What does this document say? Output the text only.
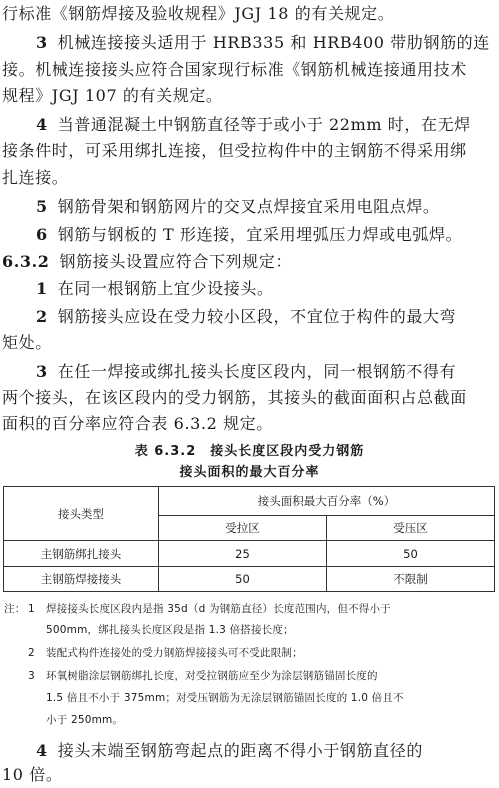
行标准《钢筋焊接及验收规程》JGJ 18 的有关规定。
3 机械连接接头适用于 HRB335 和 HRB400 带肋钢筋的连
接。机械连接接头应符合国家现行标准《钢筋机械连接通用技术
规程》JGJ 107 的有关规定。
4 当普通混凝土中钢筋直径等于或小于 22mm 时，在无焊
接条件时，可采用绑扎连接，但受拉构件中的主钢筋不得采用绑
扎连接。
5 钢筋骨架和钢筋网片的交叉点焊接宜采用电阻点焊。
6 钢筋与钢板的 T 形连接，宜采用埋弧压力焊或电弧焊。
6.3.2 钢筋接头设置应符合下列规定：
1 在同一根钢筋上宜少设接头。
2 钢筋接头应设在受力较小区段，不宜位于构件的最大弯
矩处。
3 在任一焊接或绑扎接头长度区段内，同一根钢筋不得有
两个接头，在该区段内的受力钢筋，其接头的截面面积占总截面
面积的百分率应符合表 6.3.2 规定。
表 6.3.2　接头长度区段内受力钢筋
接头面积的最大百分率
接头类型	接头面积最大百分率（%）	
	受拉区	受压区
主钢筋绑扎接头	25	50
主钢筋焊接接头	50	不限制
注： 1 焊接接头长度区段内是指 35d（d 为钢筋直径）长度范围内，但不得小于
500mm，绑扎接头长度区段是指 1.3 倍搭接长度；
2 装配式构件连接处的受力钢筋焊接接头可不受此限制；
3 环氧树脂涂层钢筋绑扎长度，对受拉钢筋应至少为涂层钢筋锚固长度的
1.5 倍且不小于 375mm；对受压钢筋为无涂层钢筋锚固长度的 1.0 倍且不
小于 250mm。
4 接头末端至钢筋弯起点的距离不得小于钢筋直径的
10 倍。
